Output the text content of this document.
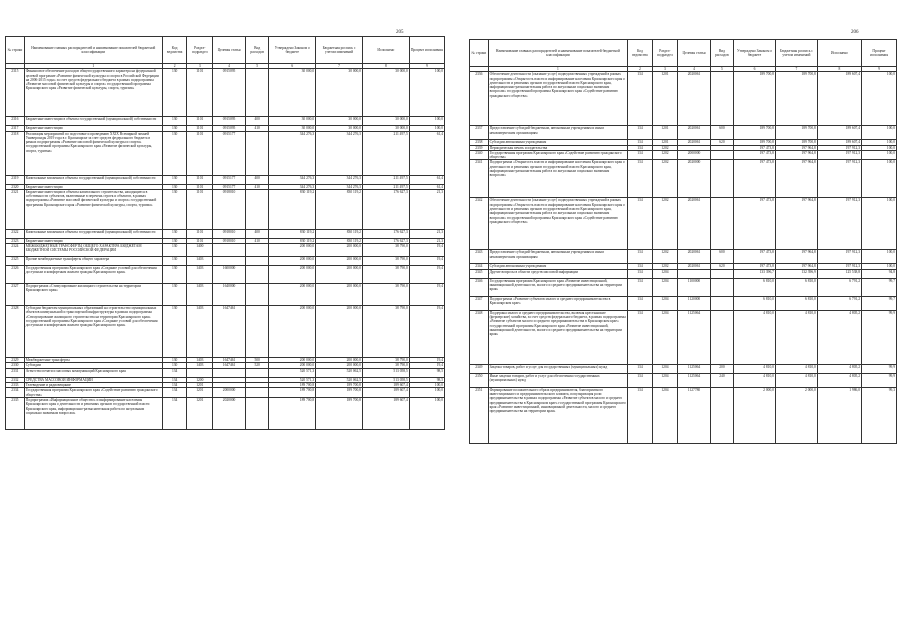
205
№ строки	Наименование главных распорядителей и наименование показателей бюджетной классификации	Код ведомства	Раздел-подраздел	Целевая статья	Вид расходов	Утверждено Законом о бюджете	Бюджетная роспись с учетом изменений	Исполнено	Процент исполнения
	1	2	3	4	5	6	7	8	9
2315	Финансовое обеспечение расходов общегосударственного характера на федеральной целевой программе «Развитие физической культуры и спорта в Российской Федерации на 2006-2015 годы» за счет средств федерального бюджета в рамках подпрограммы «Развитие массовой физической культуры и спорта» государственной программы Красноярского края «Развитие физической культуры, спорта, туризма»	130	1101	0915095		30 000,0	30 000,0	30 000,0	100,0
2316	Бюджетные инвестиции в объекты государственной (муниципальной) собственности	130	1101	0915095	400	30 000,0	30 000,0	30 000,0	100,0
2317	Бюджетные инвестиции	130	1101	0915095	410	30 000,0	30 000,0	30 000,0	100,0
2318	Реализация мероприятий по подготовке и проведению XXIX Всемирной зимней Универсиады 2019 года в г. Красноярске за счет средств федерального бюджета в рамках подпрограммы «Развитие массовой физической культуры и спорта» государственной программы Красноярского края «Развитие физической культуры, спорта, туризма»	130	1101	0915177		344 276,3	344 276,3	211 497,5	61,4
2319	Капитальные вложения в объекты государственной (муниципальной) собственности	130	1101	0915177	400	344 276,3	344 276,3	211 497,5	61,4
2320	Бюджетные инвестиции	130	1101	0915177	410	344 276,3	344 276,3	211 497,5	61,4
2321	Бюджетные инвестиции в объекты капитального строительства, находящиеся в собственности субъектов, включенные в перечень строек и объектов, в рамках подпрограммы «Развитие массовой физической культуры и спорта» государственной программы Красноярского края «Развитие физической культуры, спорта, туризма»	130	1101	0918010		830 119,2	830 119,2	176 627,3	21,3
2322	Капитальные вложения в объекты государственной (муниципальной) собственности	130	1101	0918010	400	830 119,2	830 119,2	176 627,3	21,3
2323	Бюджетные инвестиции	130	1101	0918010	410	830 119,2	830 119,2	176 627,3	21,3
2324	МЕЖБЮДЖЕТНЫЕ ТРАНСФЕРТЫ ОБЩЕГО ХАРАКТЕРА БЮДЖЕТАМ БЮДЖЕТНОЙ СИСТЕМЫ РОССИЙСКОЙ ФЕДЕРАЦИИ	130	1400			200 000,0	200 000,0	38 790,0	19,4
2325	Прочие межбюджетные трансферты общего характера	130	1403			200 000,0	200 000,0	38 790,0	19,4
2326	Государственная программа Красноярского края «Создание условий для обеспечения доступным и комфортным жильем граждан Красноярского края»	130	1403	1600000		200 000,0	200 000,0	38 790,0	19,4
2327	Подпрограмма «Стимулирование жилищного строительства на территории Красноярского края»	130	1403	1640000		200 000,0	200 000,0	38 790,0	19,4
2328	Субсидии бюджетам муниципальных образований на строительство муниципальных объектов коммунальной и транспортной инфраструктуры в рамках подпрограммы «Стимулирование жилищного строительства на территории Красноярского края» государственной программы Красноярского края «Создание условий для обеспечения доступным и комфортным жильем граждан Красноярского края»	130	1403	1647461		200 000,0	200 000,0	38 790,0	19,4
2329	Межбюджетные трансферты	130	1403	1647461	500	200 000,0	200 000,0	38 790,0	19,4
2330	Субсидии	130	1403	1647461	520	200 000,0	200 000,0	38 790,0	19,4
2331	Агентство печати и массовых коммуникаций Красноярского края	134				520 571,3	520 062,5	513 058,5	98,5
2332	СРЕДСТВА МАССОВОЙ ИНФОРМАЦИИ	134	1200			520 571,3	520 062,5	513 058,5	98,5
2333	Телевидение и радиовещание	134	1201			189 700,8	189 700,8	189 607,4	100,0
2334	Государственная программа Красноярского края «Содействие развитию гражданского общества»	134	1201	2000000		189 700,8	189 700,8	189 607,4	100,0
2335	Подпрограмма «Информационное общество» и информирование населения Красноярского края о деятельности и решениях органов государственной власти Красноярского края, информационно-разъяснительная работа по актуальным социально значимым вопросам»	134	1201	2020000		189 700,8	189 700,8	189 607,4	100,0
206
№ строки	Наименование главных распорядителей и наименование показателей бюджетной классификации	Код ведомства	Раздел-подраздел	Целевая статья	Вид расходов	Утверждено Законом о бюджете	Бюджетная роспись с учетом изменений	Исполнено	Процент исполнения
	1	2	3	4	5	6	7	8	9
2336	Обеспечение деятельности (оказание услуг) подведомственных учреждений в рамках подпрограммы «Открытость власти и информирование населения Красноярского края о деятельности и решениях органов государственной власти Красноярского края, информационно-разъяснительная работа по актуальным социально значимым вопросам» государственной программы Красноярского края «Содействие развитию гражданского общества»	134	1201	2020061		189 700,8	189 700,8	189 607,4	100,0
2337	Предоставление субсидий бюджетным, автономным учреждениям и иным некоммерческим организациям	134	1201	2020061	600	189 700,8	189 700,8	189 607,4	100,0
2338	Субсидии автономным учреждениям	134	1201	2020061	620	189 700,8	189 700,8	189 607,4	100,0
2339	Периодическая печать и издательства	134	1202			197 473,8	197 964,8	197 912,3	100,0
2340	Государственная программа Красноярского края «Содействие развитию гражданского общества»	134	1202	2000000		197 473,8	197 964,8	197 912,3	100,0
2341	Подпрограмма «Открытость власти и информирование населения Красноярского края о деятельности и решениях органов государственной власти Красноярского края, информационно-разъяснительная работа по актуальным социально значимым вопросам»	134	1202	2020000		197 473,8	197 964,8	197 912,3	100,0
2342	Обеспечение деятельности (оказание услуг) подведомственных учреждений в рамках подпрограммы «Открытость власти и информирование населения Красноярского края о деятельности и решениях органов государственной власти Красноярского края, информационно-разъяснительная работа по актуальным социально значимым вопросам» государственной программы Красноярского края «Содействие развитию гражданского общества»	134	1202	2020061		197 473,8	197 964,8	197 912,3	100,0
2343	Предоставление субсидий бюджетным, автономным учреждениям и иным некоммерческим организациям	134	1202	2020061	600	197 473,8	197 964,8	197 912,3	100,0
2344	Субсидии автономным учреждениям	134	1202	2020061	620	197 473,8	197 964,8	197 912,3	100,0
2345	Другие вопросы в области средств массовой информации	134	1204			133 396,7	132 396,9	125 538,8	94,8
2346	Государственная программа Красноярского края «Развитие инвестиционной, инновационной деятельности, малого и среднего предпринимательства на территории края»	134	1204	1100000		6 810,0	6 810,0	6 791,2	99,7
2347	Подпрограмма «Развитие субъектов малого и среднего предпринимательства в Красноярском крае»	134	1204	1120000		6 810,0	6 810,0	6 791,2	99,7
2348	Поддержка малого и среднего предпринимательства, включая крестьянские (фермерские) хозяйства, за счет средств федерального бюджета, в рамках подпрограммы «Развитие субъектов малого и среднего предпринимательства в Красноярском крае» государственной программы Красноярского края «Развитие инвестиционной, инновационной деятельности, малого и среднего предпринимательства на территории края»	134	1204	1125064		4 810,0	4 810,0	4 805,2	99,9
2349	Закупка товаров, работ и услуг для государственных (муниципальных) нужд	134	1204	1125064	200	4 810,0	4 810,0	4 805,2	99,9
2350	Иные закупки товаров, работ и услуг для обеспечения государственных (муниципальных) нужд	134	1204	1125064	240	4 810,0	4 810,0	4 805,2	99,9
2351	Формирование положительного образа предпринимателя, благоприятного инвестиционного и предпринимательского климата, популяризация роли предпринимательства в рамках подпрограммы «Развитие субъектов малого и среднего предпринимательства в Красноярском крае» государственной программы Красноярского края «Развитие инвестиционной, инновационной деятельности, малого и среднего предпринимательства на территории края»	134	1204	1127780		2 000,0	2 000,0	1 986,0	99,3
